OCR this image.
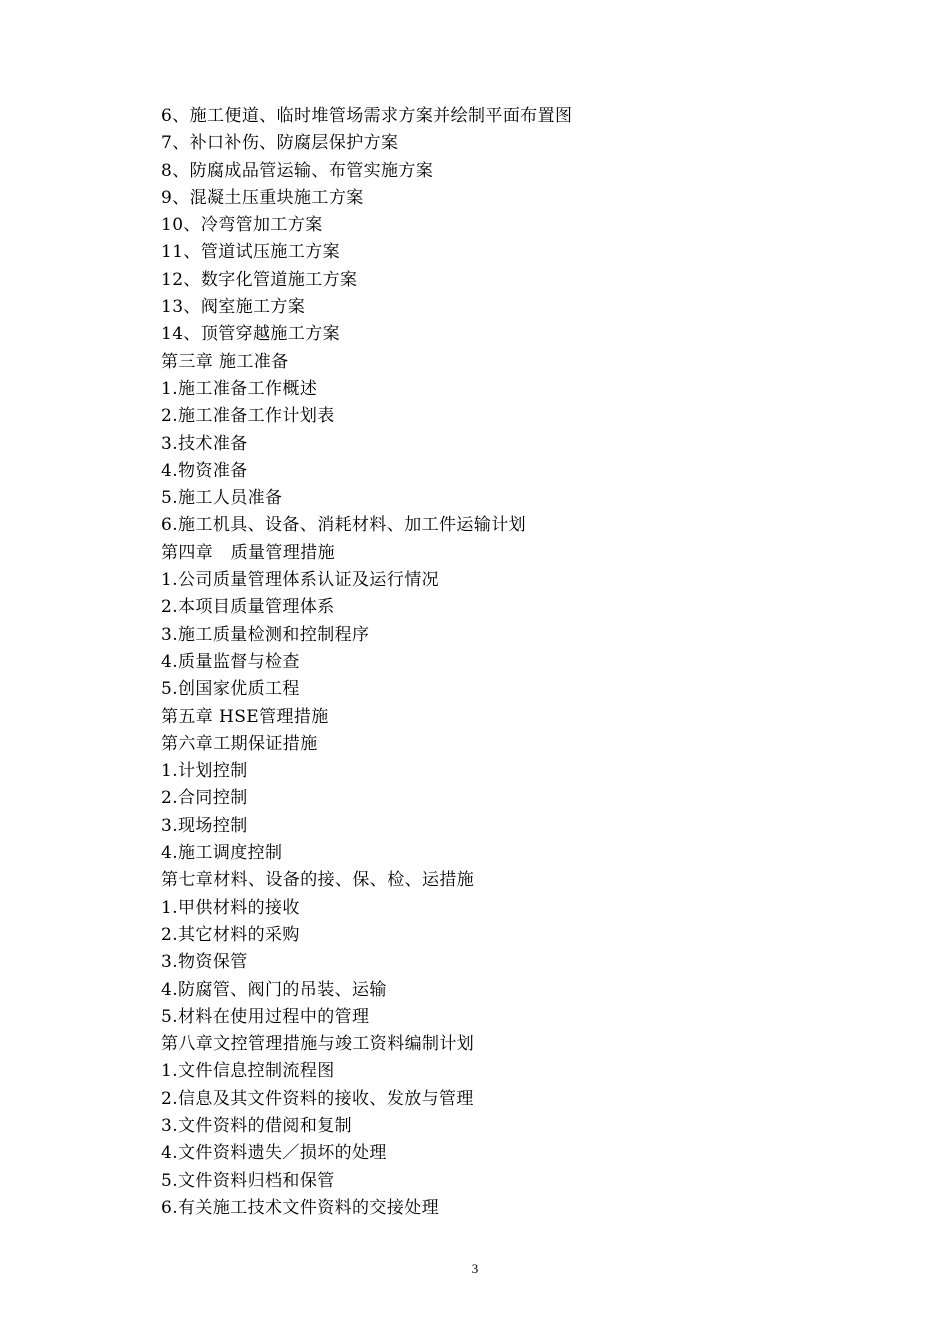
6、施工便道、临时堆管场需求方案并绘制平面布置图
7、补口补伤、防腐层保护方案
8、防腐成品管运输、布管实施方案
9、混凝土压重块施工方案
10、冷弯管加工方案
11、管道试压施工方案
12、数字化管道施工方案
13、阀室施工方案
14、顶管穿越施工方案
第三章 施工准备
1.施工准备工作概述
2.施工准备工作计划表
3.技术准备
4.物资准备
5.施工人员准备
6.施工机具、设备、消耗材料、加工件运输计划
第四章   质量管理措施
1.公司质量管理体系认证及运行情况
2.本项目质量管理体系
3.施工质量检测和控制程序
4.质量监督与检查
5.创国家优质工程
第五章 HSE管理措施
第六章工期保证措施
1.计划控制
2.合同控制
3.现场控制
4.施工调度控制
第七章材料、设备的接、保、检、运措施
1.甲供材料的接收
2.其它材料的采购
3.物资保管
4.防腐管、阀门的吊装、运输
5.材料在使用过程中的管理
第八章文控管理措施与竣工资料编制计划
1.文件信息控制流程图
2.信息及其文件资料的接收、发放与管理
3.文件资料的借阅和复制
4.文件资料遗失／损坏的处理
5.文件资料归档和保管
6.有关施工技术文件资料的交接处理
3
